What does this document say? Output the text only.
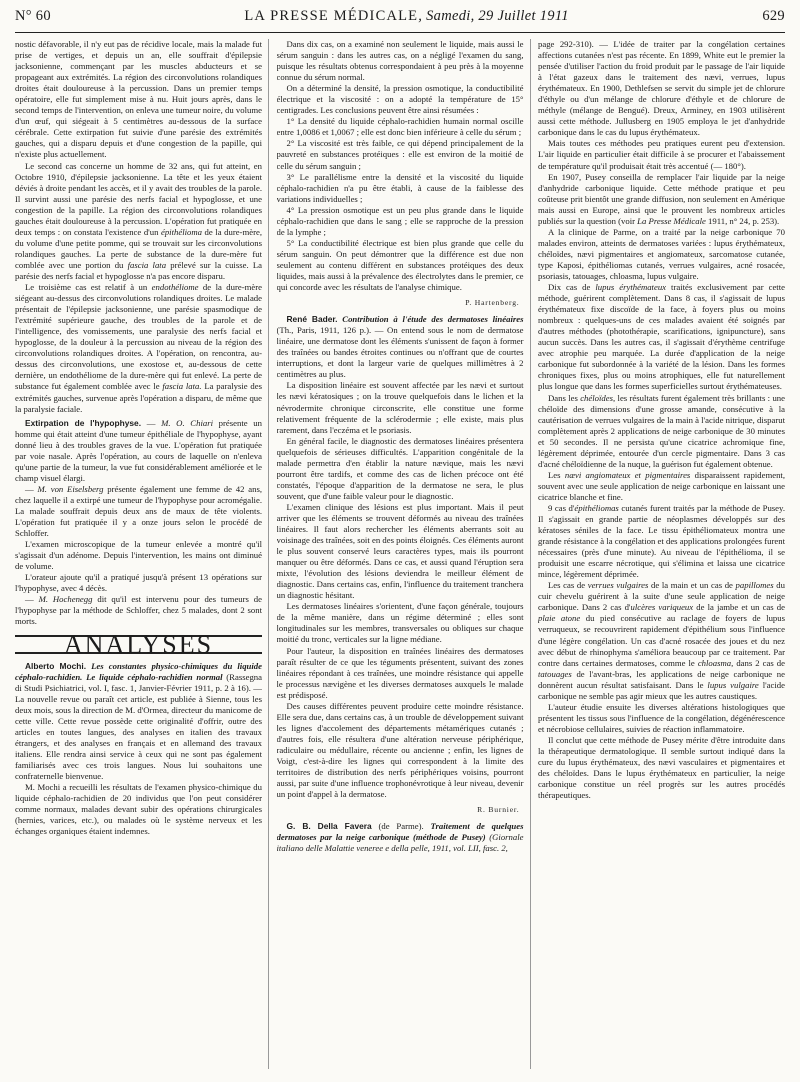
N° 60	LA PRESSE MÉDICALE, Samedi, 29 Juillet 1911	629

nostic défavorable, il n'y eut pas de récidive locale, mais la malade fut prise de vertiges, et depuis un an, elle souffrait d'épilepsie jacksonienne, commençant par les muscles abducteurs et se propageant aux extrémités. La région des circonvolutions rolandiques droites était douloureuse à la percussion. Dans un premier temps opératoire, elle fut simplement mise à nu. Huit jours après, dans le second temps de l'intervention, on enleva une tumeur noire, du volume d'un œuf, qui siégeait à 5 centimètres au-dessous de la surface cérébrale. Cette extirpation fut suivie d'une parésie des extrémités gauches, qui a disparu depuis et d'une congestion de la papille, qui n'existe plus actuellement.

Le second cas concerne un homme de 32 ans, qui fut atteint, en Octobre 1910, d'épilepsie jacksonienne. La tête et les yeux étaient déviés à droite pendant les accès, et il y avait des troubles de la parole. Il survint aussi une parésie des nerfs facial et hypoglosse, et une congestion de la papille. La région des circonvolutions rolandiques gauches était douloureuse à la percussion. L'opération fut pratiquée en deux temps : on constata l'existence d'un épithélioma de la dure-mère, du volume d'une petite pomme, qui se trouvait sur les circonvolutions rolandiques gauches. La perte de substance de la dure-mère fut comblée avec une portion du fascia lata prélevé sur la cuisse. La parésie des nerfs facial et hypoglosse n'a pas encore disparu.

Le troisième cas est relatif à un endothéliome de la dure-mère siégeant au-dessus des circonvolutions rolandiques droites. Le malade présentait de l'épilepsie jacksonienne, une parésie spasmodique de l'extrémité supérieure gauche, des troubles de la parole et de l'intelligence, des vomissements, une paralysie des nerfs facial et hypoglosse, de la douleur à la percussion au niveau de la région des circonvolutions rolandiques droites. A l'opération, on rencontra, au-dessus des circonvolutions, une exostose et, au-dessous de cette dernière, un endothéliome de la dure-mère qui fut enlevé. La perte de substance fut également comblée avec le fascia lata. La paralysie des extrémités gauches, survenue après l'opération a disparu, de même que la paralysie faciale.

Extirpation de l'hypophyse. — M. O. Chiari présente un homme qui était atteint d'une tumeur épithéliale de l'hypophyse, ayant donné lieu à des troubles graves de la vue. L'opération fut pratiquée par voie nasale. Après l'opération, au cours de laquelle on n'enleva qu'une partie de la tumeur, la vue fut considérablement améliorée et le champ visuel élargi.

— M. von Eiselsberg présente également une femme de 42 ans, chez laquelle il a extirpé une tumeur de l'hypophyse pour acromégalie. La malade souffrait depuis deux ans de maux de tête violents. L'opération fut pratiquée il y a onze jours selon le procédé de Schloffer.

L'examen microscopique de la tumeur enlevée a montré qu'il s'agissait d'un adénome. Depuis l'intervention, les mains ont diminué de volume.

L'orateur ajoute qu'il a pratiqué jusqu'à présent 13 opérations sur l'hypophyse, avec 4 décès.

— M. Hochenegg dit qu'il est intervenu pour des tumeurs de l'hypophyse par la méthode de Schloffer, chez 5 malades, dont 2 sont morts.

ANALYSES

Alberto Mochi. Les constantes physico-chimiques du liquide céphalo-rachidien. Le liquide céphalo-rachidien normal (Rassegna di Studi Psichiatrici, vol. I, fasc. 1, Janvier-Février 1911, p. 2 à 16). — La nouvelle revue ou paraît cet article, est publiée à Sienne, tous les deux mois, sous la direction de M. d'Ormea, directeur du manicome de cette ville. Cette revue possède cette originalité d'offrir, outre des articles en toutes langues, des analyses en italien des travaux étrangers, et des analyses en français et en allemand des travaux italiens. Elle rendra ainsi service à ceux qui ne sont pas également familiarisés avec ces trois langues. Nous lui souhaitons une confraternelle bienvenue.

M. Mochi a recueilli les résultats de l'examen physico-chimique du liquide céphalo-rachidien de 20 individus que l'on peut considérer comme normaux, malades devant subir des opérations chirurgicales (hernies, varices, etc.), ou malades où le système nerveux et les échanges organiques étaient indemnes.

Dans dix cas, on a examiné non seulement le liquide, mais aussi le sérum sanguin : dans les autres cas, on a négligé l'examen du sang, puisque les résultats obtenus correspondaient à peu près à la moyenne connue du sérum normal.

On a déterminé la densité, la pression osmotique, la conductibilité électrique et la viscosité : on a adopté la température de 15° centigrades. Les conclusions peuvent être ainsi résumées :

1° La densité du liquide céphalo-rachidien humain normal oscille entre 1,0086 et 1,0067 ; elle est donc bien inférieure à celle du sérum ;

2° La viscosité est très faible, ce qui dépend principalement de la pauvreté en substances protéiques : elle est environ de la moitié de celle du sérum sanguin ;

3° Le parallélisme entre la densité et la viscosité du liquide céphalo-rachidien n'a pu être établi, à cause de la faiblesse des variations individuelles ;

4° La pression osmotique est un peu plus grande dans le liquide céphalo-rachidien que dans le sang ; elle se rapproche de la pression de la lymphe ;

5° La conductibilité électrique est bien plus grande que celle du sérum sanguin. On peut démontrer que la différence est due non seulement au contenu différent en substances protéiques des deux liquides, mais aussi à la prévalence des électrolytes dans le premier, ce qui concorde avec les résultats de l'analyse chimique.

P. Hartenberg.

René Bader. Contribution à l'étude des dermatoses linéaires (Th., Paris, 1911, 126 p.). — On entend sous le nom de dermatose linéaire, une dermatose dont les éléments s'unissent de façon à former des traînées ou bandes étroites continues ou n'offrant que de courtes interruptions, et dont la largeur varie de quelques millimètres à 2 centimètres au plus.

La disposition linéaire est souvent affectée par les nævi et surtout les nævi kératosiques ; on la trouve quelquefois dans le lichen et la névrodermite chronique circonscrite, elle constitue une forme relativement fréquente de la sclérodermie ; elle existe, mais plus rarement, dans l'eczéma et le psoriasis.

En général facile, le diagnostic des dermatoses linéaires présentera quelquefois de sérieuses difficultés. L'apparition congénitale de la malade permettra d'en établir la nature nævique, mais les nævi pourront être tardifs, et comme des cas de lichen précoce ont été constatés, l'époque d'apparition de la dermatose ne sera, le plus souvent, que d'une faible valeur pour le diagnostic.

L'examen clinique des lésions est plus important. Mais il peut arriver que les éléments se trouvent déformés au niveau des traînées linéaires. Il faut alors rechercher les éléments aberrants soit au voisinage des traînées, soit en des points éloignés. Ces éléments auront le plus souvent conservé leurs caractères types, mais ils pourront manquer ou être déformés. Dans ce cas, et aussi quand l'éruption sera mixte, l'évolution des lésions deviendra le meilleur élément de diagnostic. Dans certains cas, enfin, l'influence du traitement tranchera un diagnostic hésitant.

Les dermatoses linéaires s'orientent, d'une façon générale, toujours de la même manière, dans un régime déterminé ; elles sont longitudinales sur les membres, transversales ou obliques sur chaque moitié du tronc, verticales sur la ligne médiane.

Pour l'auteur, la disposition en traînées linéaires des dermatoses paraît résulter de ce que les téguments présentent, suivant des zones linéaires répondant à ces traînées, une moindre résistance qui appelle le processus nævigène et les diverses dermatoses auxquels le malade est prédisposé.

Des causes différentes peuvent produire cette moindre résistance. Elle sera due, dans certains cas, à un trouble de développement suivant les lignes d'accolement des départements métamériques cutanés ; d'autres fois, elle résultera d'une altération nerveuse périphérique, radiculaire ou médullaire, récente ou ancienne ; enfin, les lignes de Voigt, c'est-à-dire les lignes qui correspondent à la limite des territoires de distribution des nerfs périphériques voisins, pourront aussi, par suite d'une influence trophonévrotique à leur niveau, devenir un point d'appel à la dermatose.

R. Burnier.

G. B. Della Favera (de Parme). Traitement de quelques dermatoses par la neige carbonique (méthode de Pusey) (Giornale italiano delle Malattie veneree e della pelle, 1911, vol. LII, fasc. 2,

page 292-310). — L'idée de traiter par la congélation certaines affections cutanées n'est pas récente. En 1899, White eut le premier la pensée d'utiliser l'action du froid produit par le passage de l'air liquide à l'état gazeux dans le traitement des nævi, verrues, lupus érythémateux. En 1900, Dethlefsen se servit du simple jet de chlorure d'éthyle ou d'un mélange de chlorure d'éthyle et de chlorure de méthyle (mélange de Bengué). Dreux, Arminey, en 1903 utilisèrent aussi cette méthode. Jullusberg en 1905 employa le jet d'anhydride carbonique dans le cas du lupus érythémateux.

Mais toutes ces méthodes peu pratiques eurent peu d'extension. L'air liquide en particulier était difficile à se procurer et l'abaissement de température qu'il produisait était très accentué (— 180°).

En 1907, Pusey conseilla de remplacer l'air liquide par la neige d'anhydride carbonique liquide. Cette méthode pratique et peu coûteuse prit bientôt une grande diffusion, non seulement en Amérique mais aussi en Europe, ainsi que le prouvent les nombreux articles publiés sur la question (voir La Presse Médicale 1911, n° 24, p. 253).

A la clinique de Parme, on a traité par la neige carbonique 70 malades environ, atteints de dermatoses variées : lupus érythémateux, chéloïdes, nævi pigmentaires et angiomateux, sarcomatose cutanée, type Kaposi, épithéliomas cutanés, verrues vulgaires, acné rosacée, psoriasis, tatouages, chloasma, lupus vulgaire.

Dix cas de lupus érythémateux traités exclusivement par cette méthode, guérirent complètement. Dans 8 cas, il s'agissait de lupus érythémateux fixe discoïde de la face, à foyers plus ou moins nombreux : quelques-uns de ces malades avaient été soignés par d'autres méthodes (photothérapie, scarifications, ignipuncture), sans aucun succès. Dans les autres cas, il s'agissait d'érythème centrifuge avec atrophie peu marquée. La durée d'application de la neige carbonique fut subordonnée à la variété de la lésion. Dans les formes chroniques fixes, plus ou moins atrophiques, elle fut naturellement plus longue que dans les formes superficielles surtout érythémateuses.

Dans les chéloïdes, les résultats furent également très brillants : une chéloïde des dimensions d'une grosse amande, consécutive à la cautérisation de verrues vulgaires de la main à l'acide nitrique, disparut complètement après 2 applications de neige carbonique de 30 minutes et 50 secondes. Il ne persista qu'une cicatrice achromique fine, légèrement déprimée, entourée d'un cercle pigmentaire. Dans 3 cas d'acné chéloïdienne de la nuque, la guérison fut également obtenue.

Les nævi angiomateux et pigmentaires disparaissent rapidement, souvent avec une seule application de neige carbonique en laissant une cicatrice blanche et fine.

9 cas d'épithéliomas cutanés furent traités par la méthode de Pusey. Il s'agissait en grande partie de néoplasmes développés sur des kératoses séniles de la face. Le tissu épithéliomateux montra une grande résistance à la congélation et des applications prolongées furent nécessaires (près d'une minute). Au niveau de l'épithélioma, il se produisit une escarre nécrotique, qui s'élimina et laissa une cicatrice mince, légèrement déprimée.

Les cas de verrues vulgaires de la main et un cas de papillomes du cuir chevelu guérirent à la suite d'une seule application de neige carbonique. Dans 2 cas d'ulcères variqueux de la jambe et un cas de plaie atone du pied consécutive au raclage de foyers de lupus verruqueux, se recouvrirent rapidement d'épithélium sous l'influence d'une légère congélation. Un cas d'acné rosacée des joues et du nez avec début de rhinophyma s'améliora beaucoup par ce traitement. Par contre dans certaines dermatoses, comme le chloasma, dans 2 cas de tatouages de l'avant-bras, les applications de neige carbonique ne donnèrent aucun résultat satisfaisant. Dans le lupus vulgaire l'acide carbonique ne semble pas agir mieux que les autres caustiques.

L'auteur étudie ensuite les diverses altérations histologiques que présentent les tissus sous l'influence de la congélation, dégénérescence et nécrobiose cellulaires, suivies de réaction inflammatoire.

Il conclut que cette méthode de Pusey mérite d'être introduite dans la thérapeutique dermatologique. Il semble surtout indiqué dans la cure du lupus érythémateux, des nævi vasculaires et pigmentaires et des chéloïdes. Dans le lupus érythémateux en particulier, la neige carbonique constitue un réel progrès sur les autres procédés thérapeutiques.
